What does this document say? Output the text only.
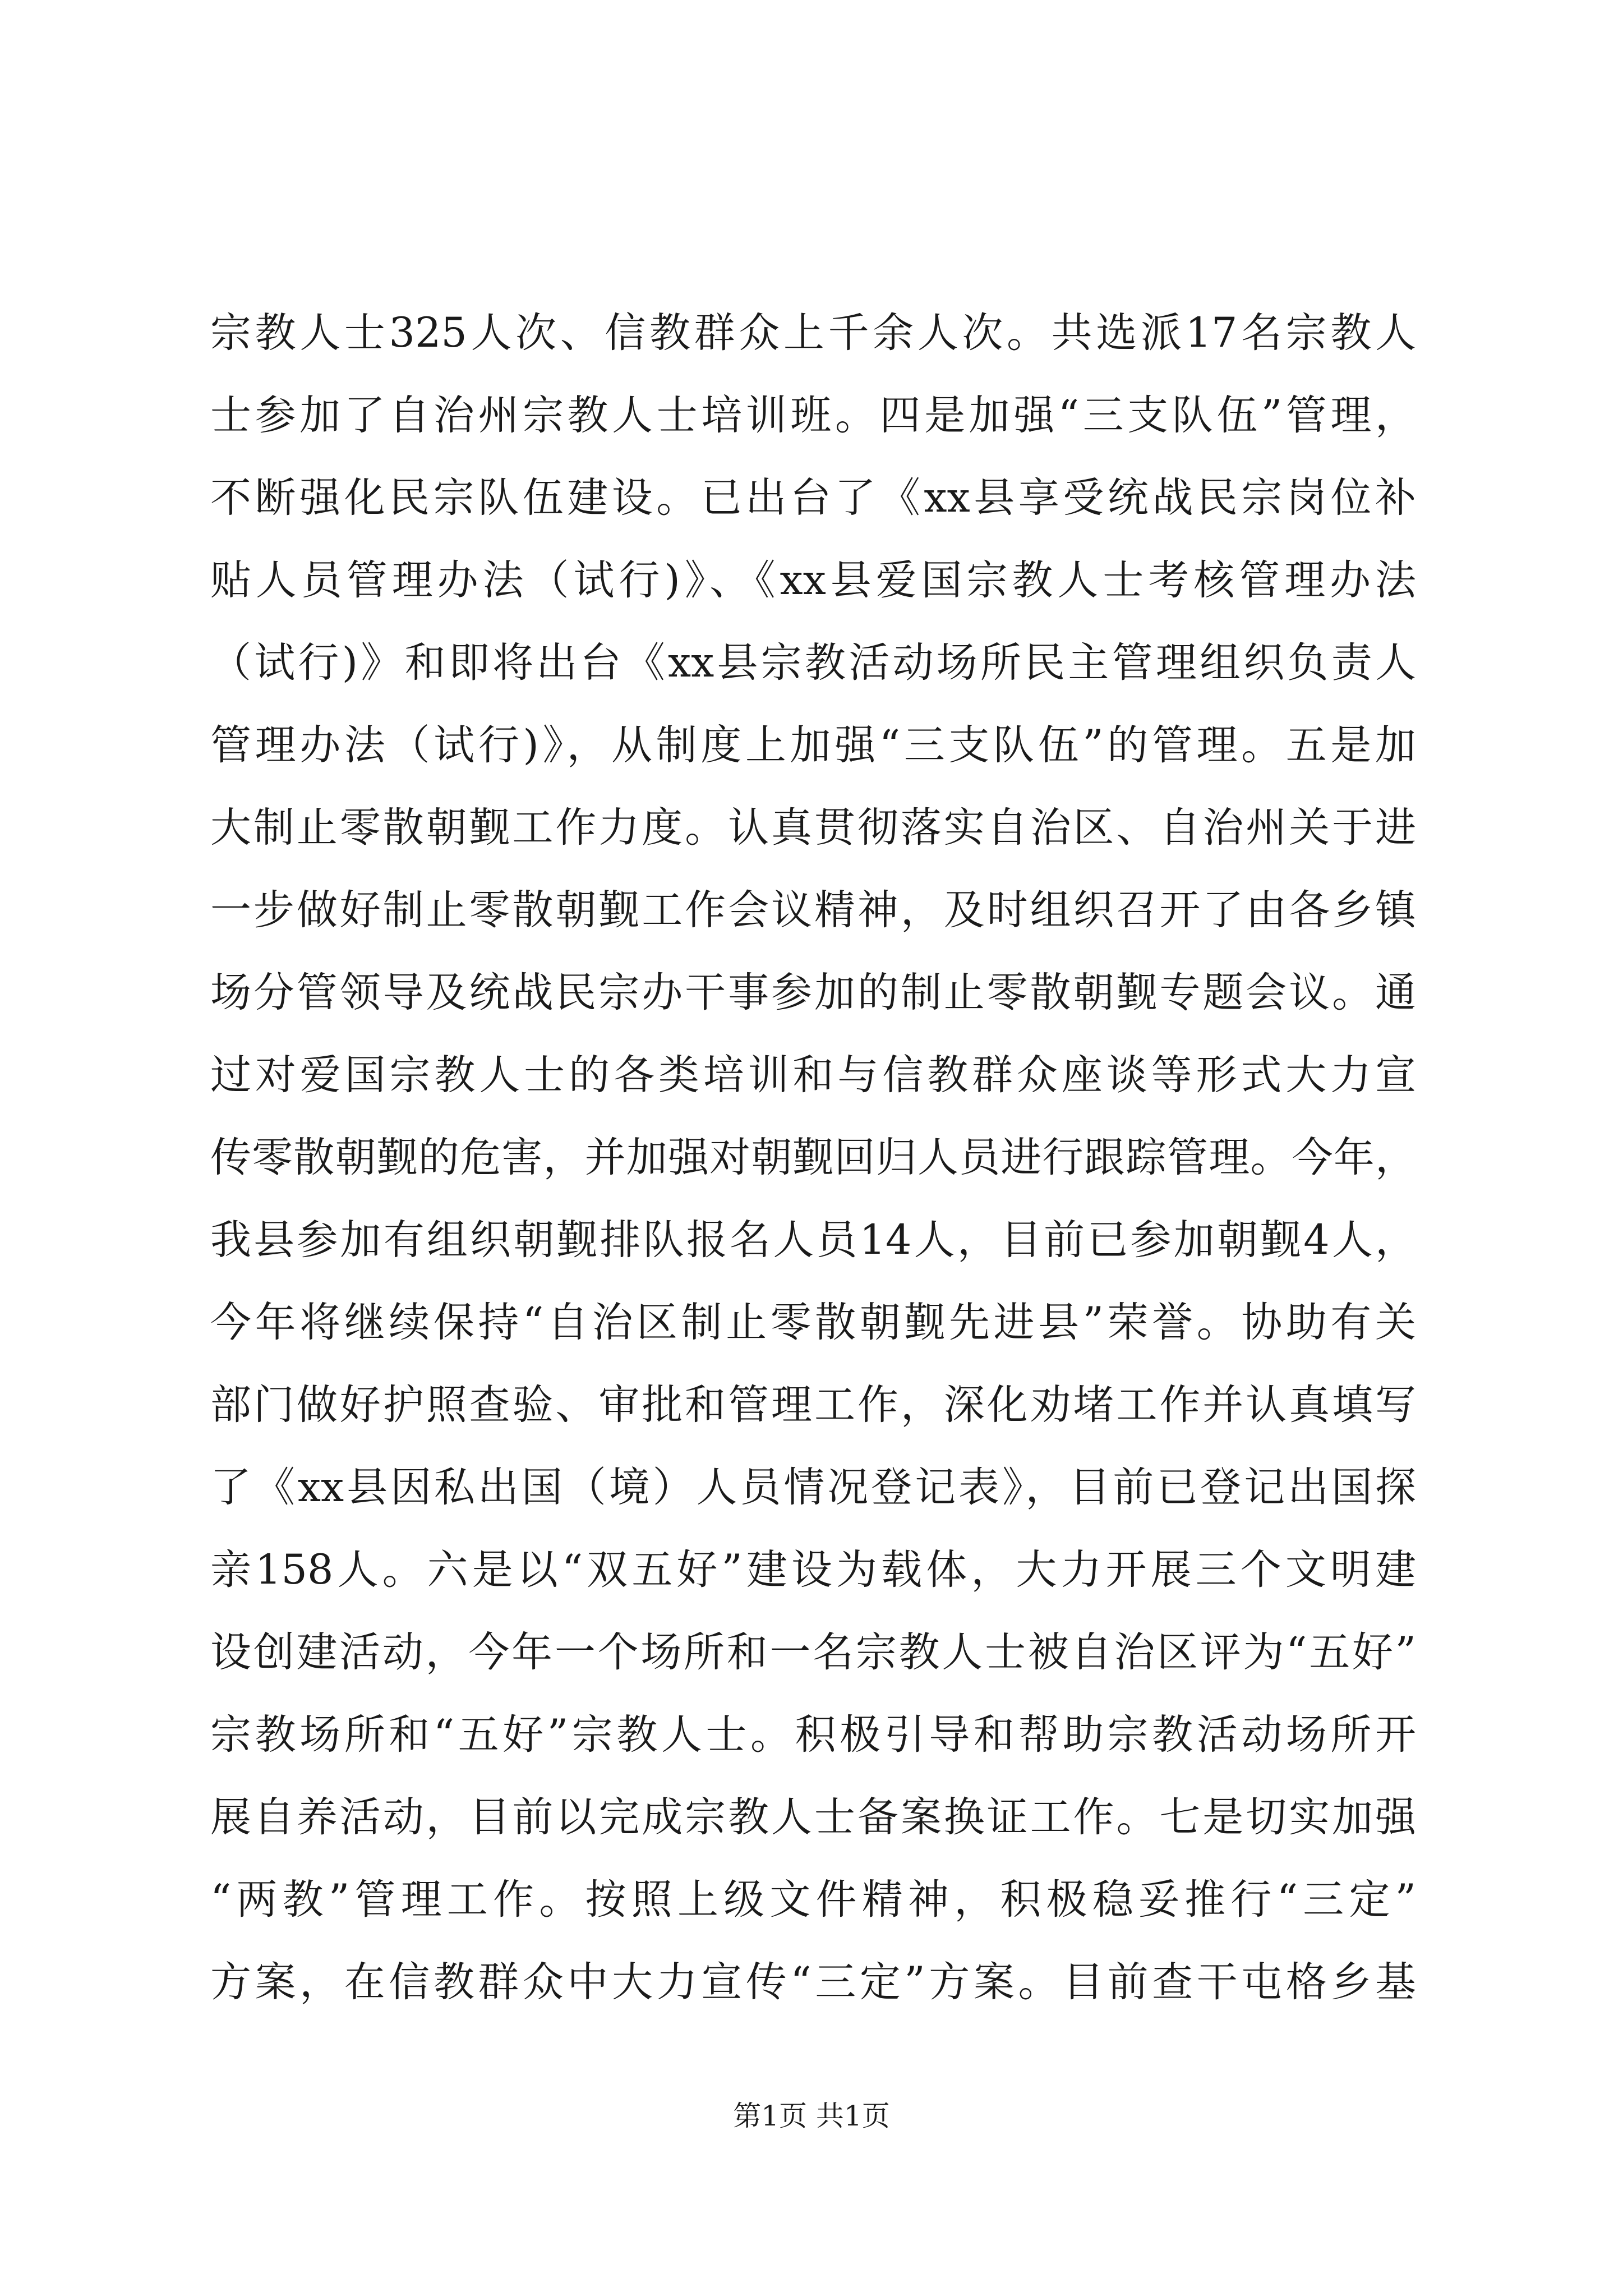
宗教人士325人次、信教群众上千余人次。共选派17名宗教人
士参加了自治州宗教人士培训班。四是加强“三支队伍”管理，
不断强化民宗队伍建设。已出台了《xx县享受统战民宗岗位补
贴人员管理办法（试行)》、《xx县爱国宗教人士考核管理办法
（试行)》和即将出台《xx县宗教活动场所民主管理组织负责人
管理办法（试行)》，从制度上加强“三支队伍”的管理。五是加
大制止零散朝觐工作力度。认真贯彻落实自治区、自治州关于进
一步做好制止零散朝觐工作会议精神，及时组织召开了由各乡镇
场分管领导及统战民宗办干事参加的制止零散朝觐专题会议。通
过对爱国宗教人士的各类培训和与信教群众座谈等形式大力宣
传零散朝觐的危害，并加强对朝觐回归人员进行跟踪管理。今年，
我县参加有组织朝觐排队报名人员14人，目前已参加朝觐4人，
今年将继续保持“自治区制止零散朝觐先进县”荣誉。协助有关
部门做好护照查验、审批和管理工作，深化劝堵工作并认真填写
了《xx县因私出国（境）人员情况登记表》，目前已登记出国探
亲158人。六是以“双五好”建设为载体，大力开展三个文明建
设创建活动，今年一个场所和一名宗教人士被自治区评为“五好”
宗教场所和“五好”宗教人士。积极引导和帮助宗教活动场所开
展自养活动，目前以完成宗教人士备案换证工作。七是切实加强
“两教”管理工作。按照上级文件精神，积极稳妥推行“三定”
方案，在信教群众中大力宣传“三定”方案。目前查干屯格乡基
第1页 共1页
